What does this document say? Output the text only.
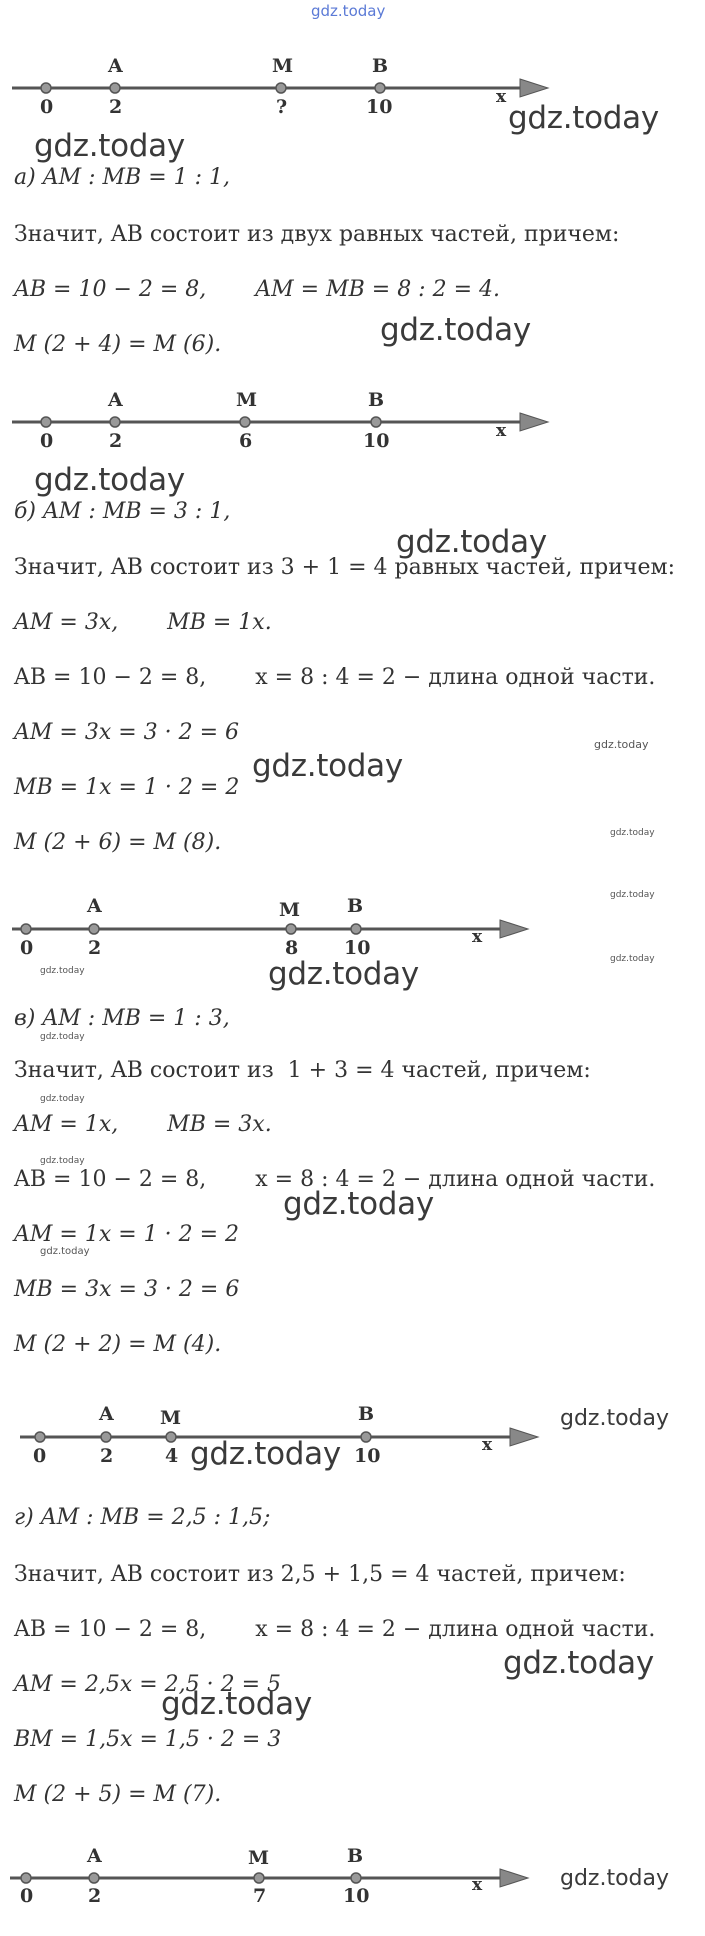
gdz.today
A	M	B
0	2	?	10	x
gdz.today
gdz.today
а) AM : MB = 1 : 1,
Значит, AB состоит из двух равных частей, причем:
AB = 10 − 2 = 8,       AM = MB = 8 : 2 = 4.
M (2 + 4) = M (6).	gdz.today
A	M	B
0	2	6	10	x
gdz.today
б) AM : MB = 3 : 1,
gdz.today
Значит, AB состоит из 3 + 1 = 4 равных частей, причем:
AM = 3x,       MB = 1x.
AB = 10 − 2 = 8,       x = 8 : 4 = 2 − длина одной части.
AM = 3x = 3 · 2 = 6	gdz.today
MB = 1x = 1 · 2 = 2
gdz.today
M (2 + 6) = M (8).	gdz.today
gdz.today
A	M B
0	2	8 10	x
gdz.today
gdz.today	gdz.today
в) AM : MB = 1 : 3,
gdz.today
Значит, AB состоит из  1 + 3 = 4 частей, причем:
gdz.today
AM = 1x,       MB = 3x.
gdz.today
AB = 10 − 2 = 8,       x = 8 : 4 = 2 − длина одной части.
gdz.today
AM = 1x = 1 · 2 = 2
gdz.today
MB = 3x = 3 · 2 = 6
M (2 + 2) = M (4).
A M	B
0	2	4	10	x
gdz.today
gdz.today
г) AM : MB = 2,5 : 1,5;
Значит, AB состоит из 2,5 + 1,5 = 4 частей, причем:
AB = 10 − 2 = 8,       x = 8 : 4 = 2 − длина одной части.
gdz.today
AM = 2,5x = 2,5 · 2 = 5
gdz.today
BM = 1,5x = 1,5 · 2 = 3
M (2 + 5) = M (7).
A	M	B
0	2	7	10	x	gdz.today
